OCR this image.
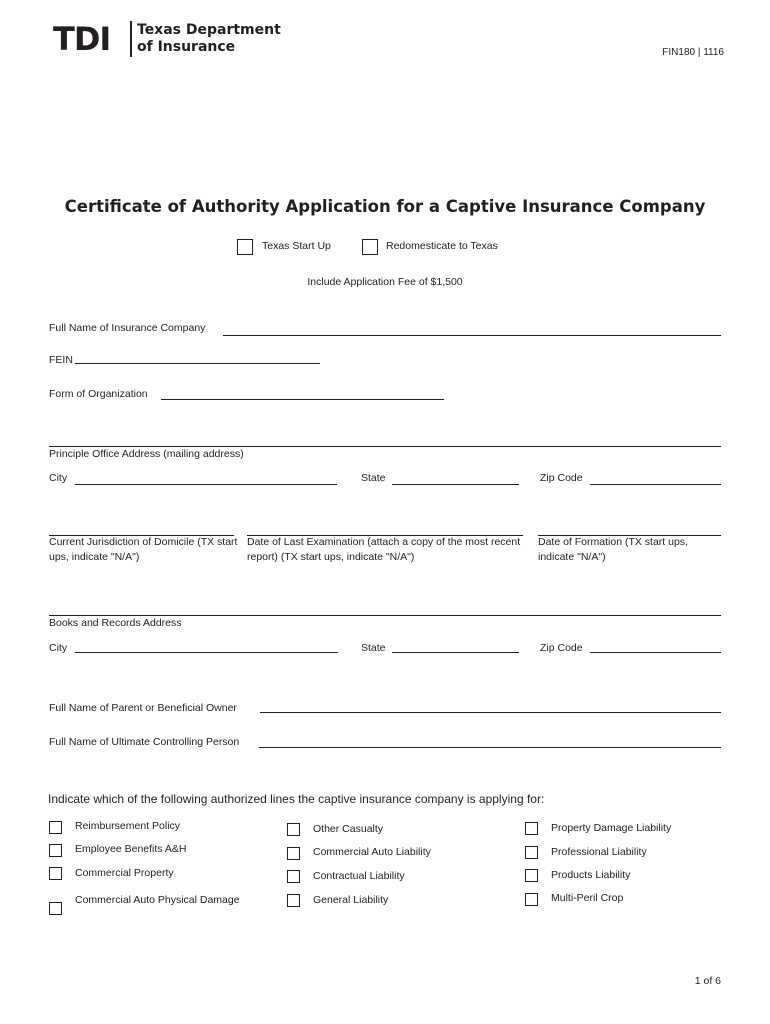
TDI Texas Department
of Insurance	FIN180 | 1116
Certificate of Authority Application for a Captive Insurance Company
Texas Start Up	Redomesticate to Texas
Include Application Fee of $1,500
Full Name of Insurance Company
FEIN
Form of Organization
Principle Office Address (mailing address)
City	State	Zip Code
Current Jurisdiction of Domicile (TX start ups, indicate "N/A")
Date of Last Examination (attach a copy of the most recent report) (TX start ups, indicate "N/A")
Date of Formation (TX start ups, indicate "N/A")
Books and Records Address
City	State	Zip Code
Full Name of Parent or Beneficial Owner
Full Name of Ultimate Controlling Person
Indicate which of the following authorized lines the captive insurance company is applying for:
Reimbursement Policy
Employee Benefits A&H
Commercial Property
Commercial Auto Physical Damage
Other Casualty
Commercial Auto Liability
Contractual Liability
General Liability
Property Damage Liability
Professional Liability
Products Liability
Multi-Peril Crop
1 of 6
